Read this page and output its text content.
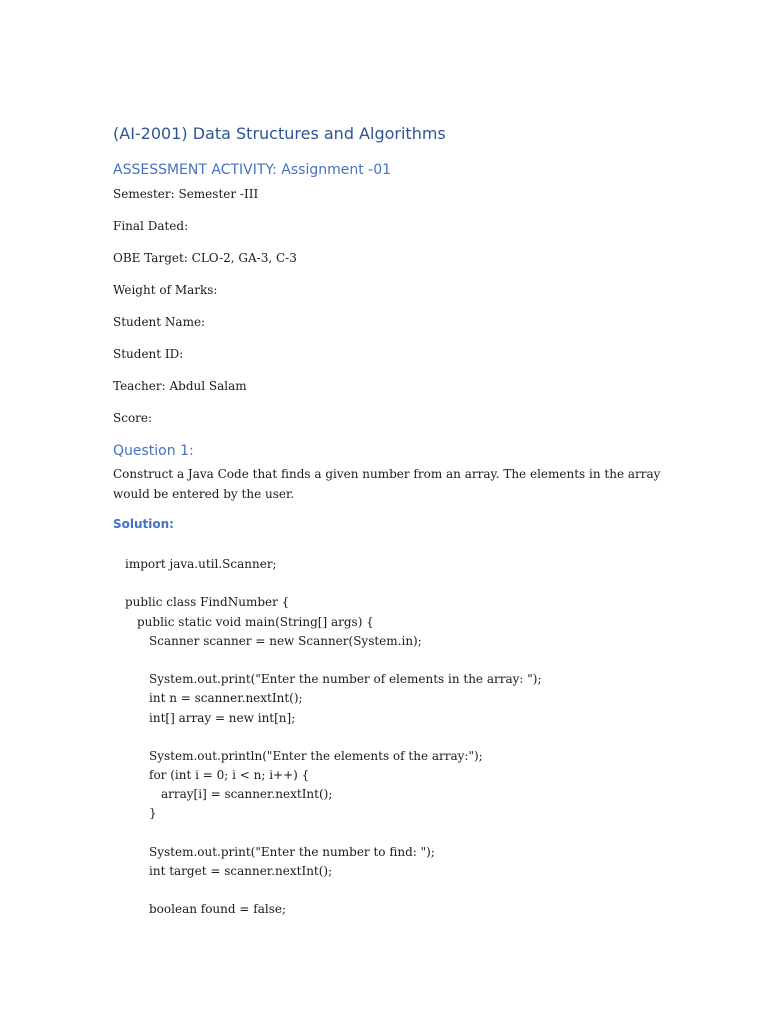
(AI-2001) Data Structures and Algorithms
ASSESSMENT ACTIVITY: Assignment -01
Semester: Semester -III
Final Dated:
OBE Target: CLO-2, GA-3, C-3
Weight of Marks:
Student Name:
Student ID:
Teacher: Abdul Salam
Score:
Question 1:
Construct a Java Code that finds a given number from an array. The elements in the array would be entered by the user.
Solution:
import java.util.Scanner;
public class FindNumber {
public static void main(String[] args) {
Scanner scanner = new Scanner(System.in);
System.out.print("Enter the number of elements in the array: ");
int n = scanner.nextInt();
int[] array = new int[n];
System.out.println("Enter the elements of the array:");
for (int i = 0; i < n; i++) {
array[i] = scanner.nextInt();
}
System.out.print("Enter the number to find: ");
int target = scanner.nextInt();
boolean found = false;
